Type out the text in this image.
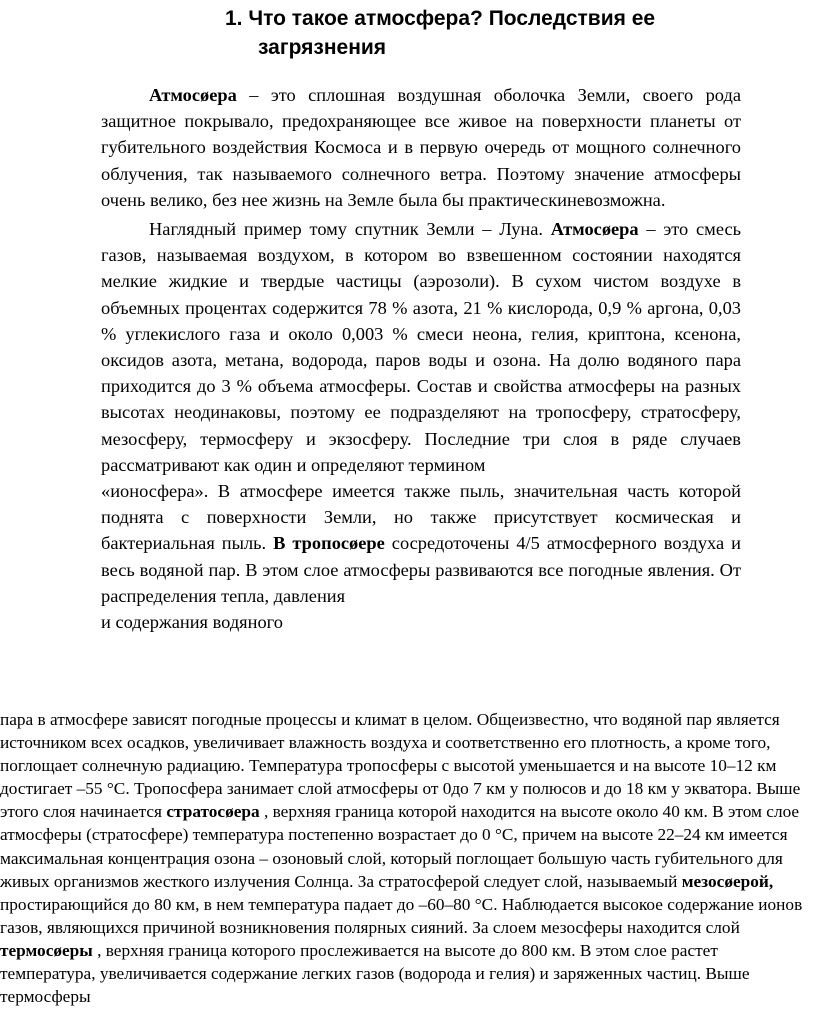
1. Что такое атмосфера? Последствия ее
загрязнения

Атмосøера – это сплошная воздушная оболочка Земли, своего рода защитное покрывало, предохраняющее все живое на поверхности планеты от губительного воздействия Космоса и в первую очередь от мощного солнечного облучения, так называемого солнечного ветра. Поэтому значение атмосферы очень велико, бeз нее жизнь на Земле была бы практическиневозможна.

Наглядный пример тому спутник Земли – Луна. Атмосøера – это смесь газов, называемая воздухом, в котором во взвешенном состоянии находятся мелкие жидкие и твердые частицы (аэрозоли). В сухом чистом воздухе в объемных процентах содержится 78 % азота, 21 % кислорода, 0,9 % аргона, 0,03 % углекислого газа и около 0,003 % смеси неона, гелия, криптона, ксенона, оксидов азота, метана, водорода, паров воды и озона. На долю водяного пара приходится до 3 % объема атмосферы. Состав и свойства атмосферы на разных высотах неодинаковы, поэтому ее подразделяют на тропосферу, стратосферу, мезосферу, термосферу и экзосферу. Последние три слоя в ряде случаев рассматривают как один и определяют термином

«ионосфера». В атмосфере имеется также пыль, значительная часть которой поднята с поверхности Земли, но также присутствует космическая и бактериальная пыль. В тропосøере сосредоточены 4/5 атмосферного воздуха и весь водяной пар. В этом слое атмосферы развиваются все погодные явления. От распределения тепла, давления

и содержания водяного

пара в атмосфере зависят погодные процессы и климат в целом. Общеизвестно, что водяной пар является источником всех осадков, увеличивает влажность воздуха и соответственно его плотность, а кроме того, поглощает солнечную радиацию. Температура тропосферы с высотой уменьшается и на высоте 10–12 км достигает –55 °С. Тропосфера занимает слой атмосферы от 0до 7 км у полюсов и до 18 км у экватора. Выше этого слоя начинается стратосøера , верхняя граница которой находится на высоте около 40 км. В этом слое атмосферы (стратосфере) температура постепенно возрастает до 0 °С, причем на высоте 22–24 км имеется максимальная концентрация озона – озоновый слой, который поглощает большую часть губительного для живых организмов жесткого излучения Солнца. За стратосферой следует слой, называемый мезосøерой, простирающийся до 80 км, в нем температура падает до –60–80 °С. Наблюдается высокое содержание ионов газов, являющихся причиной возникновения полярных сияний. За слоем мезосферы находится слой термосøеры , верхняя граница которого прослеживается на высоте до 800 км. В этом слое растет температура, увеличивается содержание легких газов (водорода и гелия) и заряженных частиц. Выше термосферы
